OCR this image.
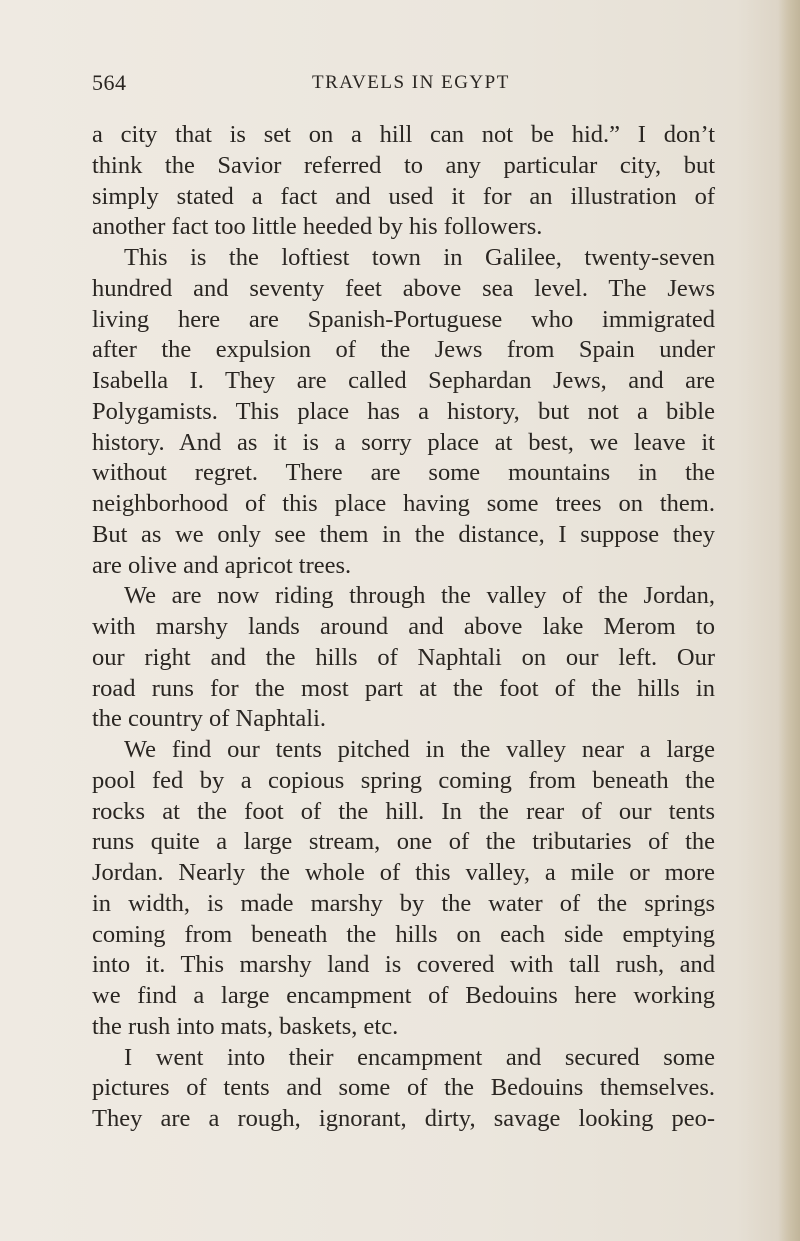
564	TRAVELS IN EGYPT
a city that is set on a hill can not be hid.” I don’t
think the Savior referred to any particular city, but
simply stated a fact and used it for an illustration of
another fact too little heeded by his followers.
This is the loftiest town in Galilee, twenty-seven
hundred and seventy feet above sea level. The Jews
living here are Spanish-Portuguese who immigrated
after the expulsion of the Jews from Spain under
Isabella I. They are called Sephardan Jews, and are
Polygamists. This place has a history, but not a bible
history. And as it is a sorry place at best, we leave it
without regret. There are some mountains in the
neighborhood of this place having some trees on them.
But as we only see them in the distance, I suppose they
are olive and apricot trees.
We are now riding through the valley of the Jordan,
with marshy lands around and above lake Merom to
our right and the hills of Naphtali on our left. Our
road runs for the most part at the foot of the hills in
the country of Naphtali.
We find our tents pitched in the valley near a large
pool fed by a copious spring coming from beneath the
rocks at the foot of the hill. In the rear of our tents
runs quite a large stream, one of the tributaries of the
Jordan. Nearly the whole of this valley, a mile or more
in width, is made marshy by the water of the springs
coming from beneath the hills on each side emptying
into it. This marshy land is covered with tall rush, and
we find a large encampment of Bedouins here working
the rush into mats, baskets, etc.
I went into their encampment and secured some
pictures of tents and some of the Bedouins themselves.
They are a rough, ignorant, dirty, savage looking peo-
